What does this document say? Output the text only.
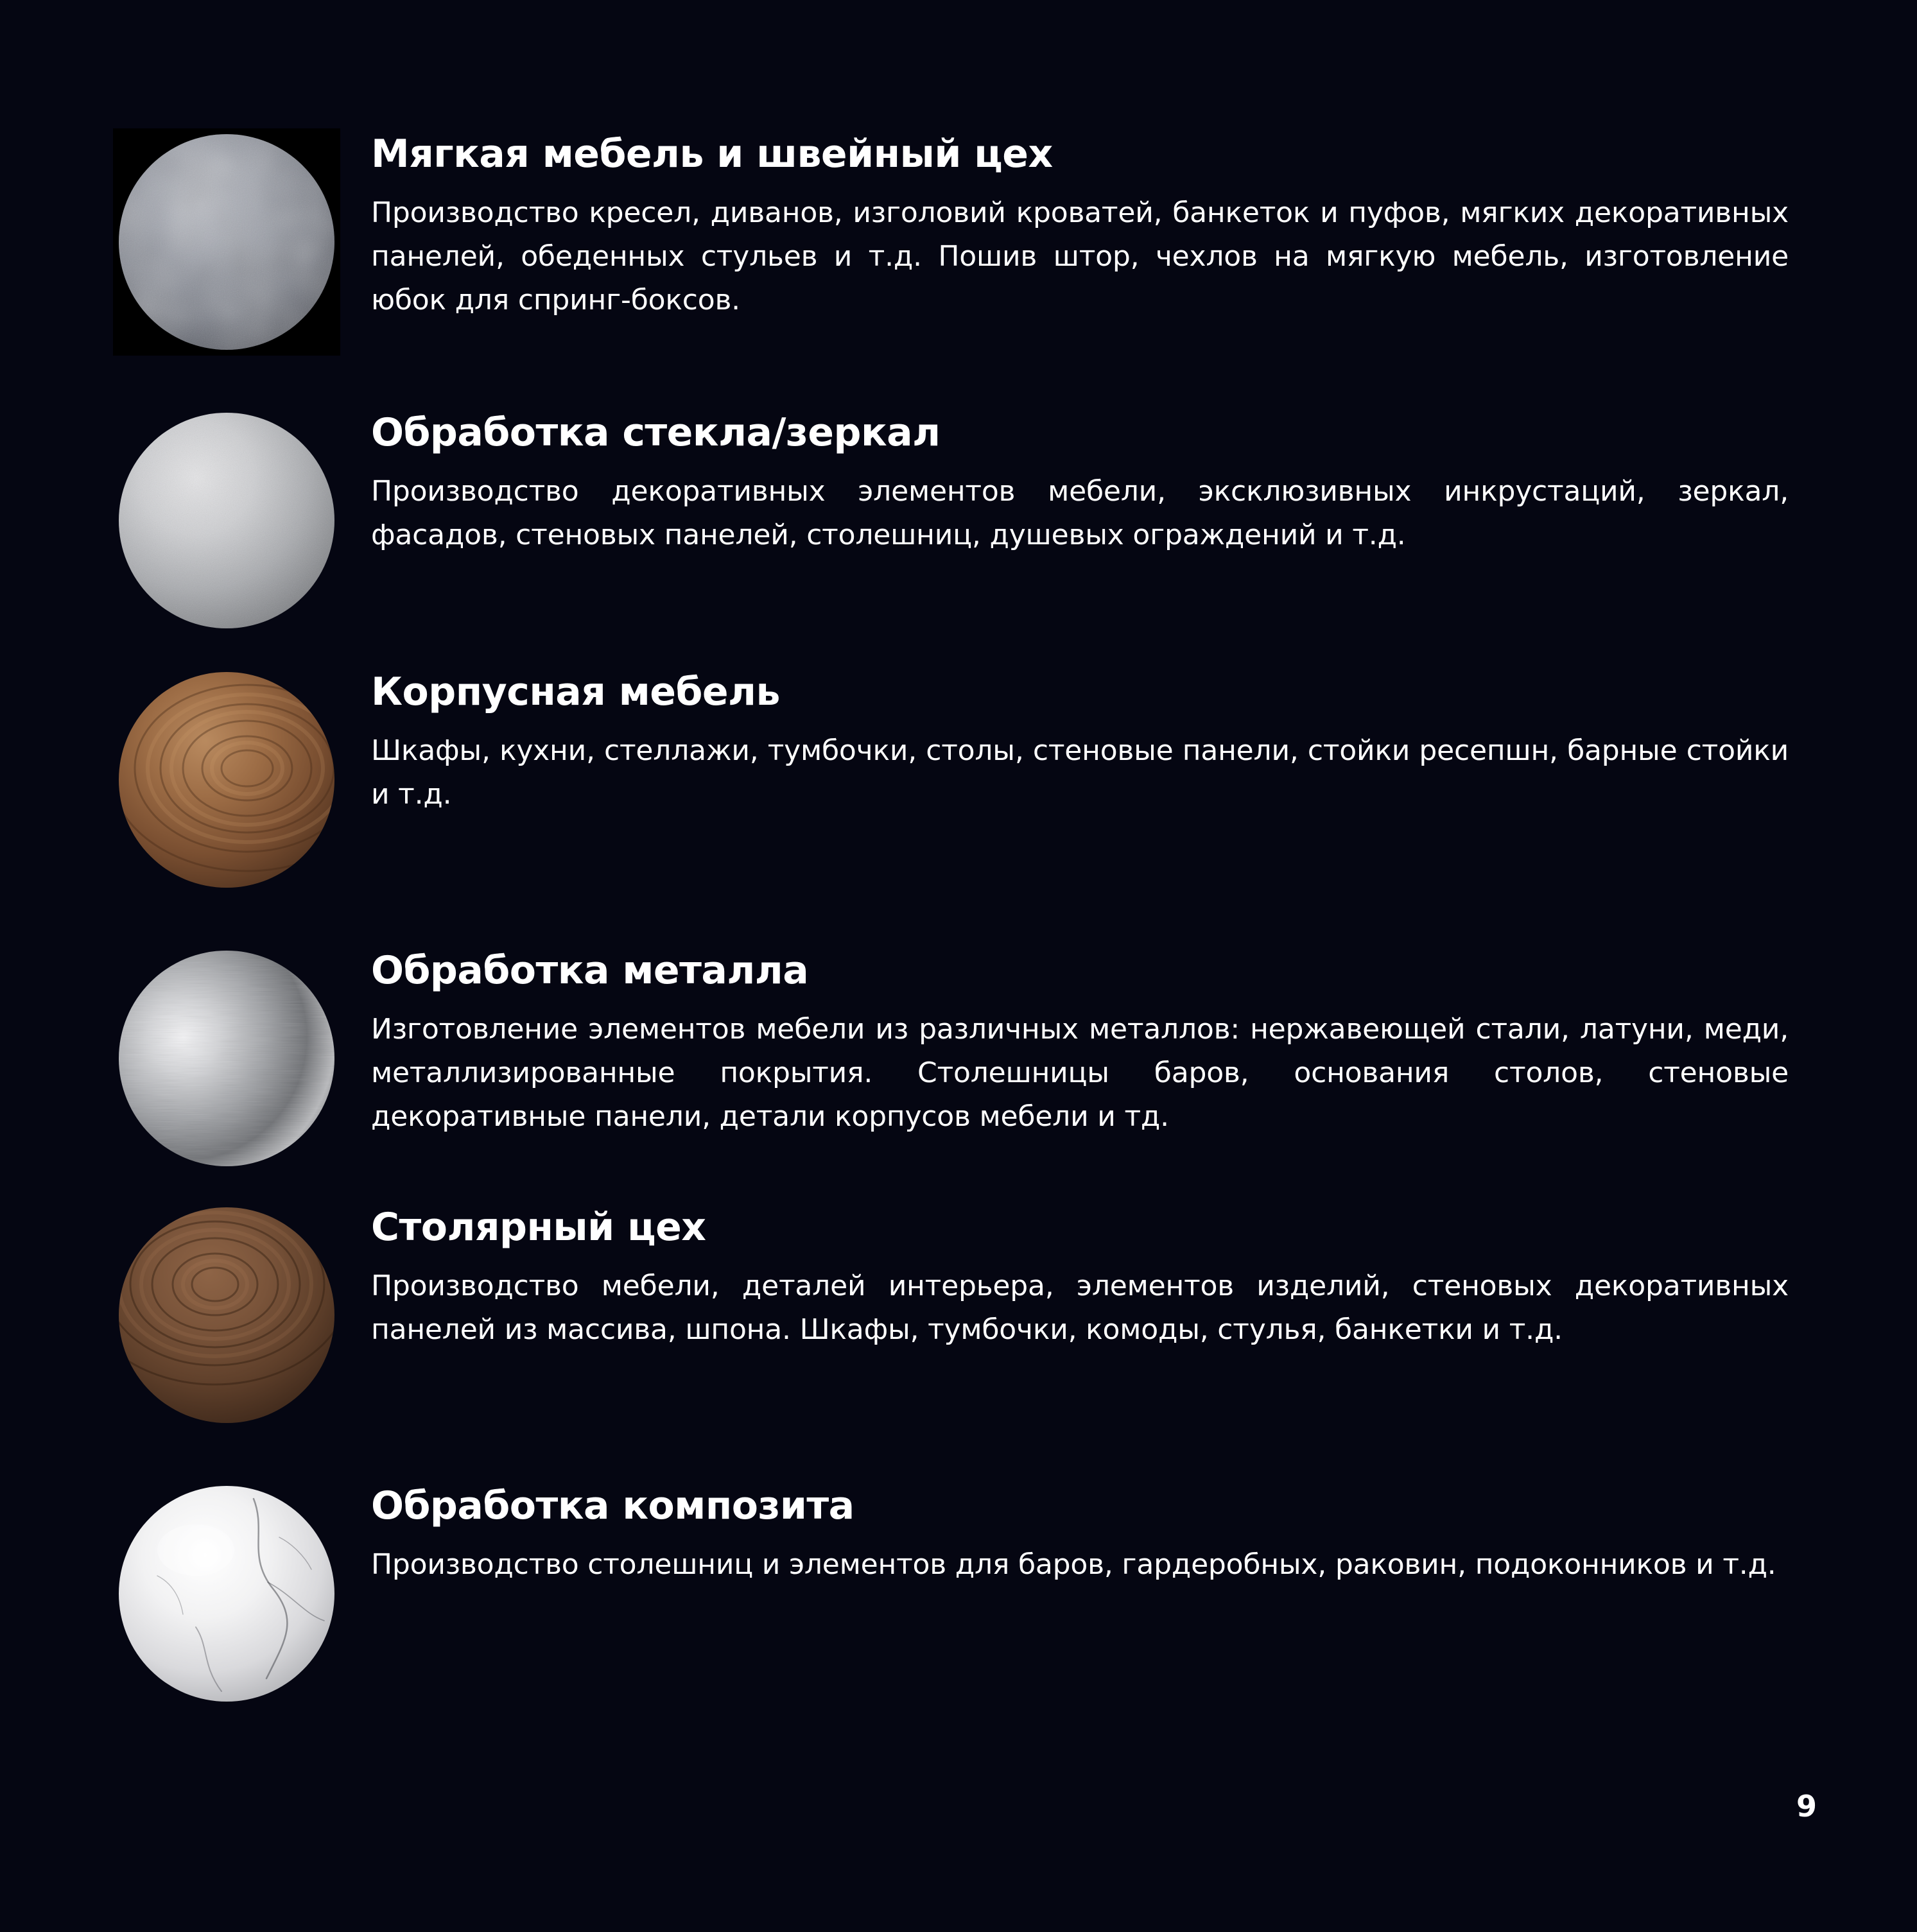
Мягкая мебель и швейный цех

Производство кресел, диванов, изголовий кроватей, банкеток и пуфов, мягких декоративных панелей, обеденных стульев и т.д. Пошив штор, чехлов на мягкую мебель, изготовление юбок для спринг-боксов.

Обработка стекла/зеркал

Производство декоративных элементов мебели, эксклюзивных инкрустаций, зеркал, фасадов, стеновых панелей, столешниц, душевых ограждений и т.д.

Корпусная мебель

Шкафы, кухни, стеллажи, тумбочки, столы, стеновые панели, стойки ресепшн, барные стойки и т.д.

Обработка металла

Изготовление элементов мебели из различных металлов: нержавеющей стали, латуни, меди, металлизированные покрытия. Столешницы баров, основания столов, стеновые декоративные панели, детали корпусов мебели и тд.

Столярный цех

Производство мебели, деталей интерьера, элементов изделий, стеновых декоративных панелей из массива, шпона. Шкафы, тумбочки, комоды, стулья, банкетки и т.д.

Обработка композита

Производство столешниц и элементов для баров, гардеробных, раковин, подоконников и т.д.

9
